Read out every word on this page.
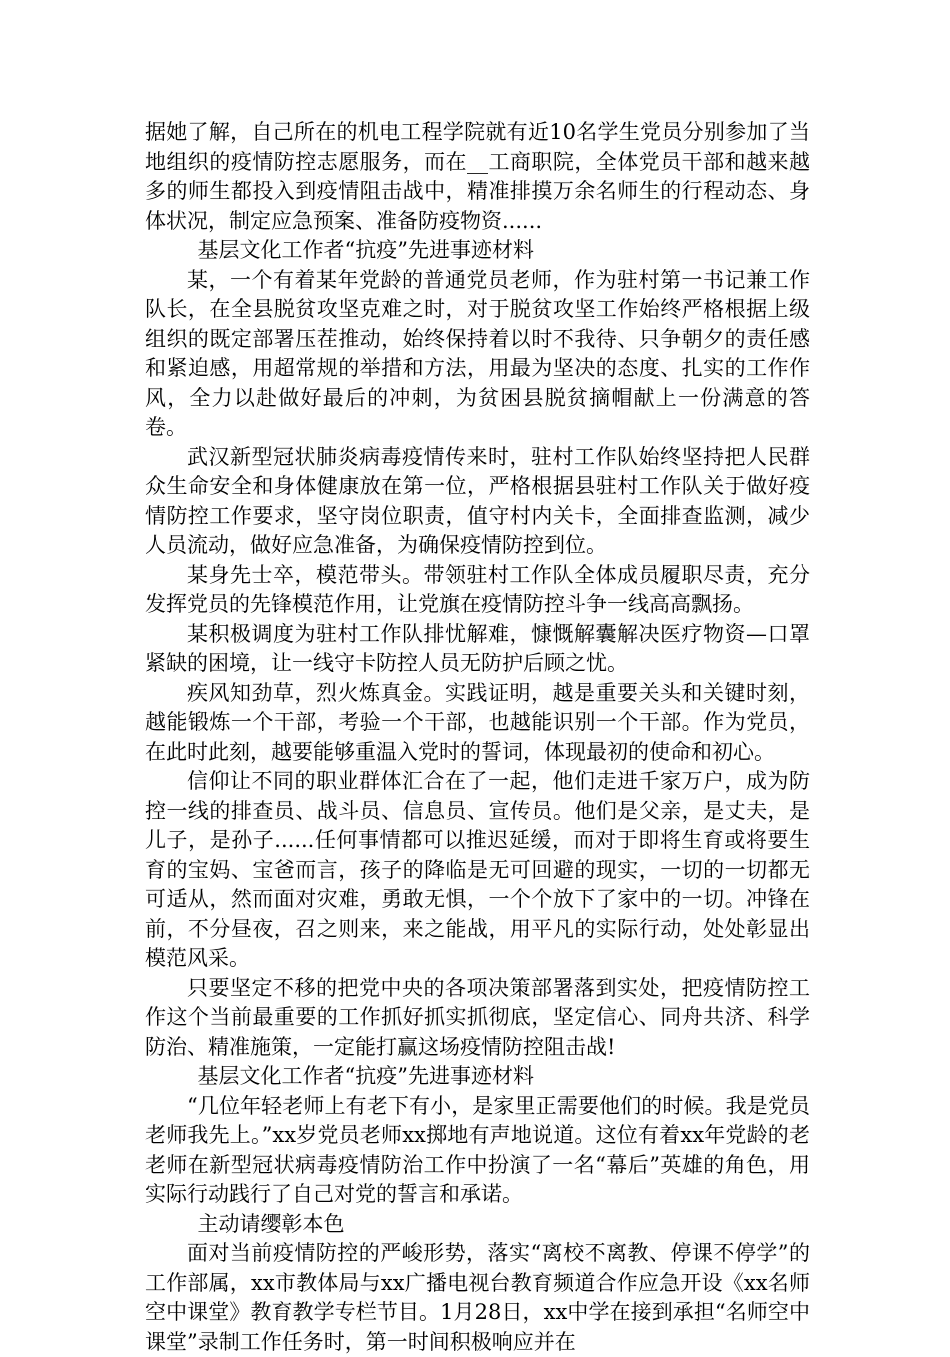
据她了解，自己所在的机电工程学院就有近10名学生党员分别参加了当地组织的疫情防控志愿服务，而在__工商职院，全体党员干部和越来越多的师生都投入到疫情阻击战中，精准排摸万余名师生的行程动态、身体状况，制定应急预案、准备防疫物资......

基层文化工作者“抗疫”先进事迹材料

某，一个有着某年党龄的普通党员老师，作为驻村第一书记兼工作队长，在全县脱贫攻坚克难之时，对于脱贫攻坚工作始终严格根据上级组织的既定部署压茬推动，始终保持着以时不我待、只争朝夕的责任感和紧迫感，用超常规的举措和方法，用最为坚决的态度、扎实的工作作风，全力以赴做好最后的冲刺，为贫困县脱贫摘帽献上一份满意的答卷。

武汉新型冠状肺炎病毒疫情传来时，驻村工作队始终坚持把人民群众生命安全和身体健康放在第一位，严格根据县驻村工作队关于做好疫情防控工作要求，坚守岗位职责，值守村内关卡，全面排查监测，减少人员流动，做好应急准备，为确保疫情防控到位。

某身先士卒，模范带头。带领驻村工作队全体成员履职尽责，充分发挥党员的先锋模范作用，让党旗在疫情防控斗争一线高高飘扬。

某积极调度为驻村工作队排忧解难，慷慨解囊解决医疗物资—口罩紧缺的困境，让一线守卡防控人员无防护后顾之忧。

疾风知劲草，烈火炼真金。实践证明，越是重要关头和关键时刻，越能锻炼一个干部，考验一个干部，也越能识别一个干部。作为党员，在此时此刻，越要能够重温入党时的誓词，体现最初的使命和初心。

信仰让不同的职业群体汇合在了一起，他们走进千家万户，成为防控一线的排查员、战斗员、信息员、宣传员。他们是父亲，是丈夫，是儿子，是孙子......任何事情都可以推迟延缓，而对于即将生育或将要生育的宝妈、宝爸而言，孩子的降临是无可回避的现实，一切的一切都无可适从，然而面对灾难，勇敢无惧，一个个放下了家中的一切。冲锋在前，不分昼夜，召之则来，来之能战，用平凡的实际行动，处处彰显出模范风采。

只要坚定不移的把党中央的各项决策部署落到实处，把疫情防控工作这个当前最重要的工作抓好抓实抓彻底，坚定信心、同舟共济、科学防治、精准施策，一定能打赢这场疫情防控阻击战!

基层文化工作者“抗疫”先进事迹材料

“几位年轻老师上有老下有小，是家里正需要他们的时候。我是党员老师我先上。”xx岁党员老师xx掷地有声地说道。这位有着xx年党龄的老老师在新型冠状病毒疫情防治工作中扮演了一名“幕后”英雄的角色，用实际行动践行了自己对党的誓言和承诺。

主动请缨彰本色

面对当前疫情防控的严峻形势，落实“离校不离教、停课不停学”的工作部属，xx市教体局与xx广播电视台教育频道合作应急开设《xx名师空中课堂》教育教学专栏节目。1月28日，xx中学在接到承担“名师空中课堂”录制工作任务时，第一时间积极响应并在
